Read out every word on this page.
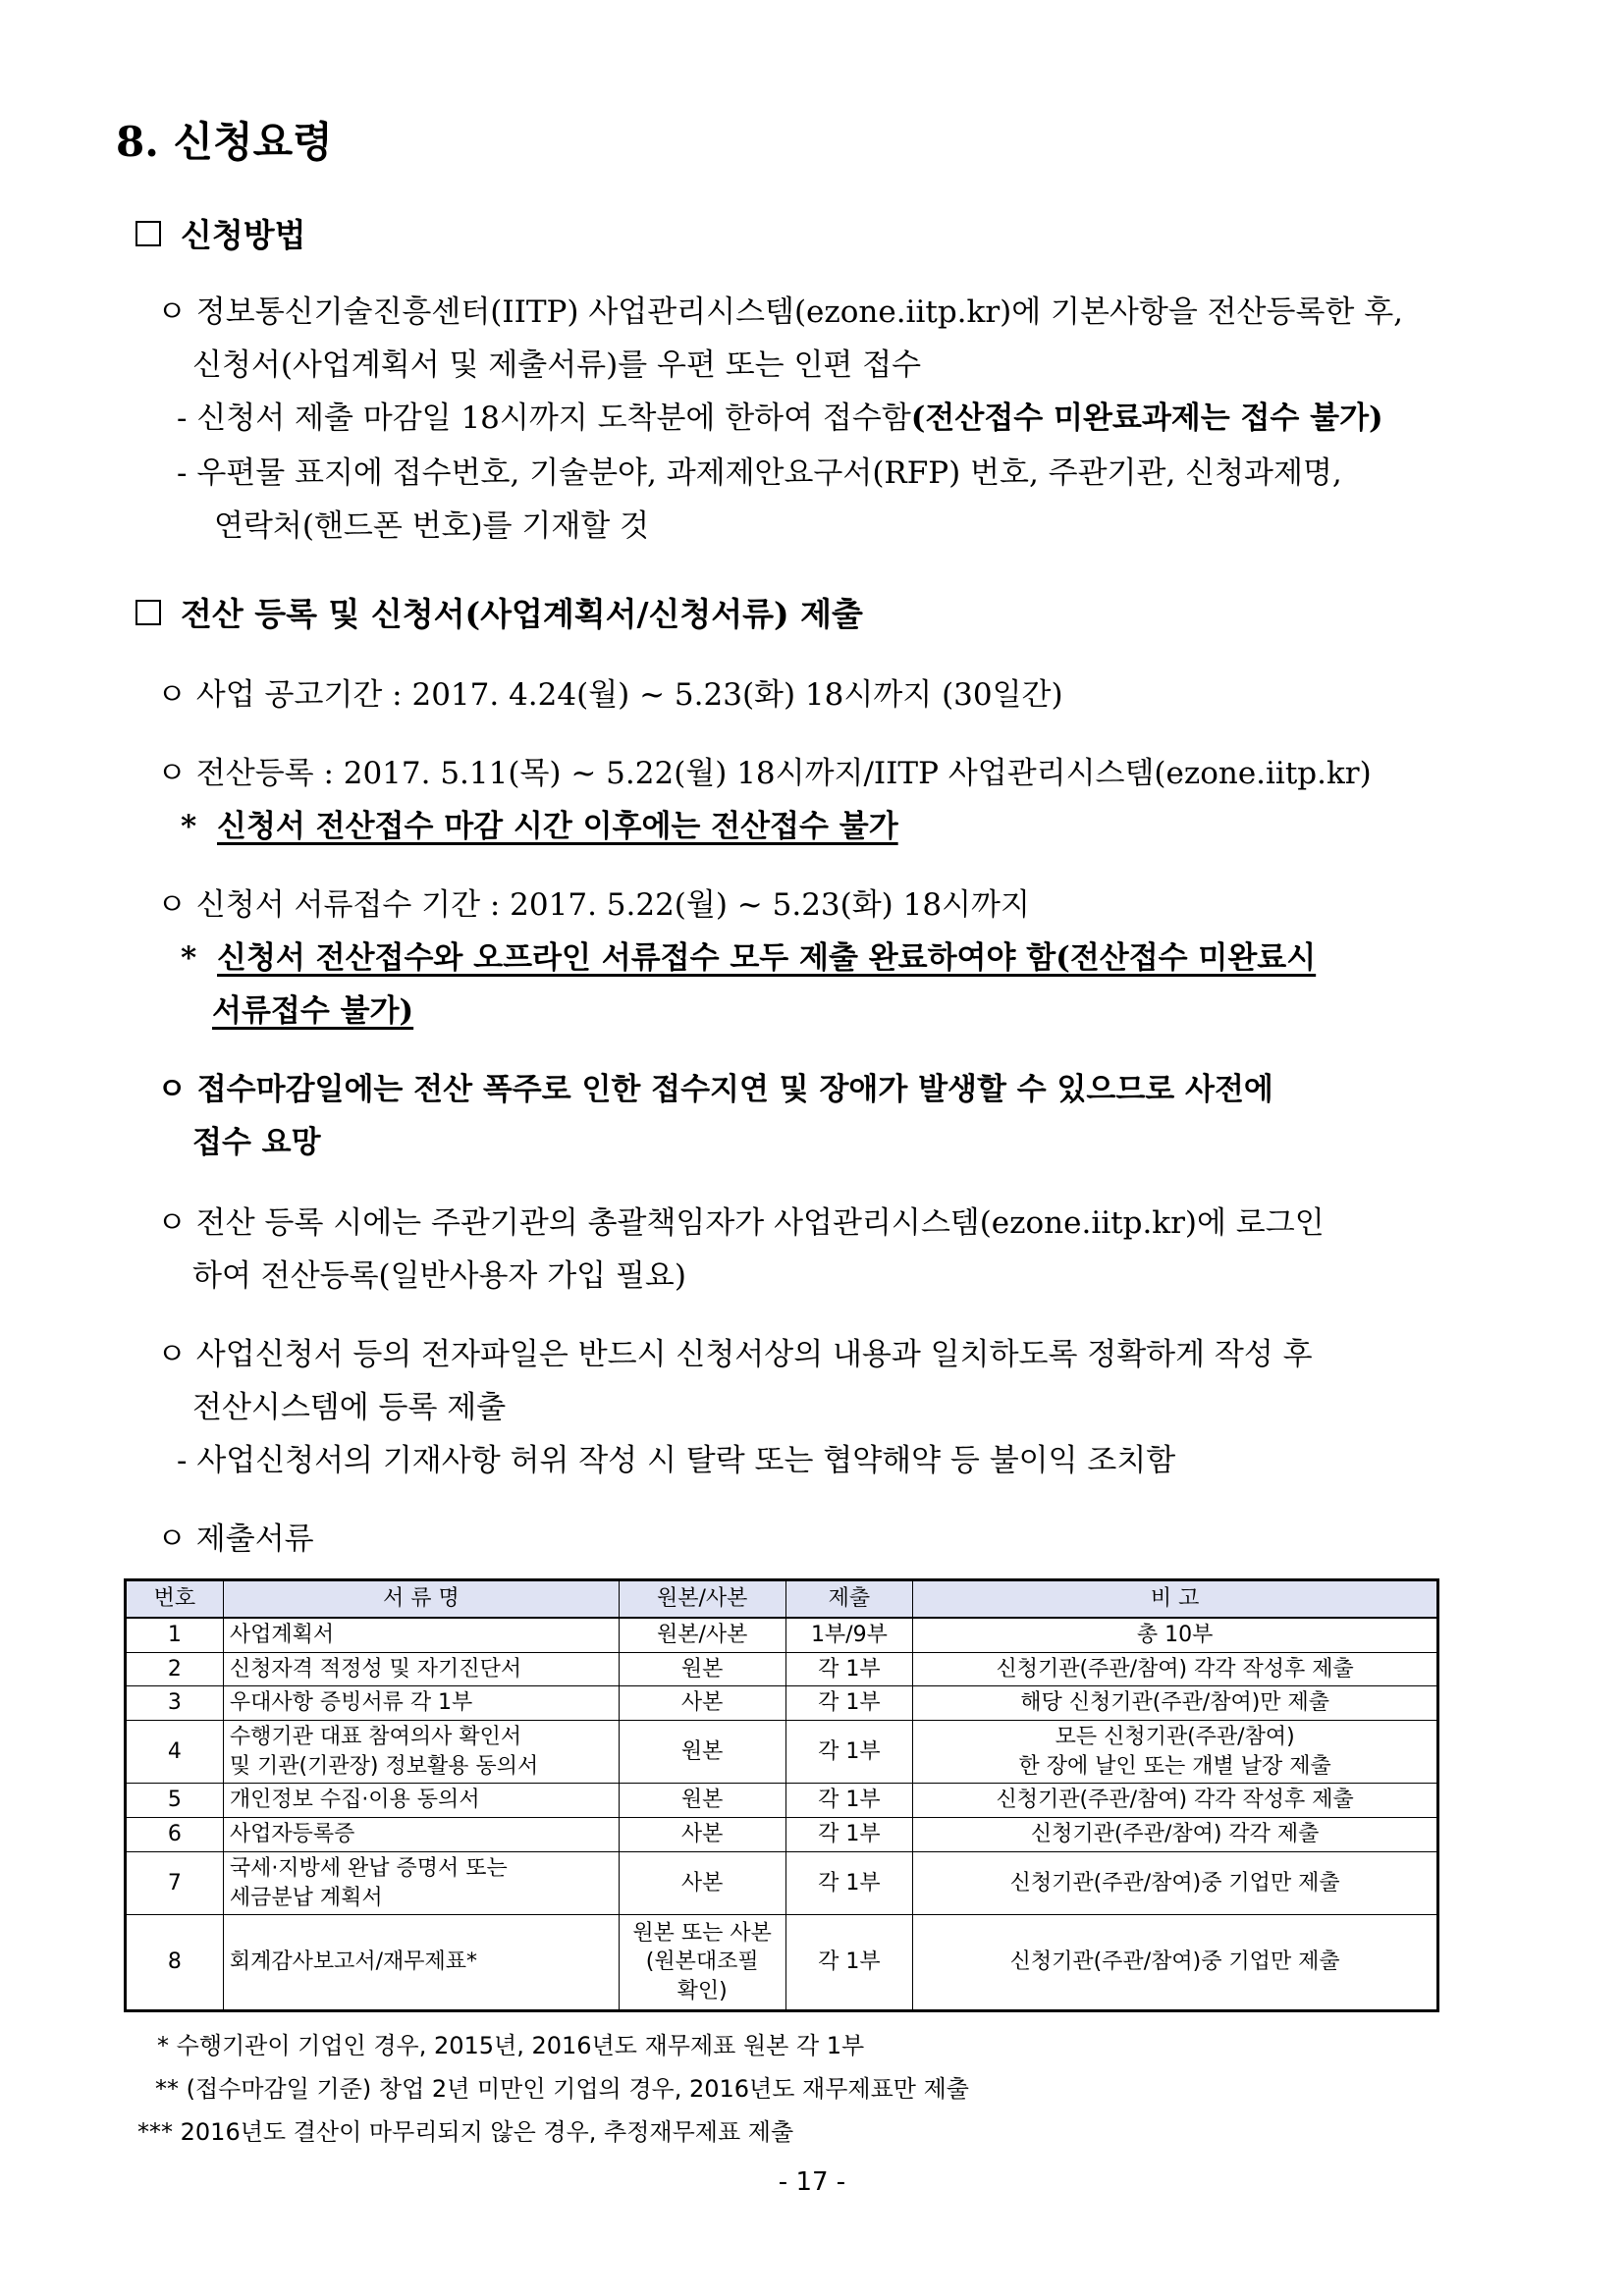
8. 신청요령
신청방법
ㅇ 정보통신기술진흥센터(IITP) 사업관리시스템(ezone.iitp.kr)에 기본사항을 전산등록한 후,
신청서(사업계획서 및 제출서류)를 우편 또는 인편 접수
- 신청서 제출 마감일 18시까지 도착분에 한하여 접수함(전산접수 미완료과제는 접수 불가)
- 우편물 표지에 접수번호, 기술분야, 과제제안요구서(RFP) 번호, 주관기관, 신청과제명,
연락처(핸드폰 번호)를 기재할 것
전산 등록 및 신청서(사업계획서/신청서류) 제출
ㅇ 사업 공고기간 : 2017. 4.24(월) ~ 5.23(화) 18시까지 (30일간)
ㅇ 전산등록 : 2017. 5.11(목) ~ 5.22(월) 18시까지/IITP 사업관리시스템(ezone.iitp.kr)
* 신청서 전산접수 마감 시간 이후에는 전산접수 불가
ㅇ 신청서 서류접수 기간 : 2017. 5.22(월) ~ 5.23(화) 18시까지
* 신청서 전산접수와 오프라인 서류접수 모두 제출 완료하여야 함(전산접수 미완료시
서류접수 불가)
ㅇ 접수마감일에는 전산 폭주로 인한 접수지연 및 장애가 발생할 수 있으므로 사전에
접수 요망
ㅇ 전산 등록 시에는 주관기관의 총괄책임자가 사업관리시스템(ezone.iitp.kr)에 로그인
하여 전산등록(일반사용자 가입 필요)
ㅇ 사업신청서 등의 전자파일은 반드시 신청서상의 내용과 일치하도록 정확하게 작성 후
전산시스템에 등록 제출
- 사업신청서의 기재사항 허위 작성 시 탈락 또는 협약해약 등 불이익 조치함
ㅇ 제출서류
번호	서 류 명	원본/사본	제출	비 고
1	사업계획서	원본/사본	1부/9부	총 10부
2	신청자격 적정성 및 자기진단서	원본	각 1부	신청기관(주관/참여) 각각 작성후 제출
3	우대사항 증빙서류 각 1부	사본	각 1부	해당 신청기관(주관/참여)만 제출
4	수행기관 대표 참여의사 확인서
및 기관(기관장) 정보활용 동의서	원본	각 1부	모든 신청기관(주관/참여)
한 장에 날인 또는 개별 날장 제출
5	개인정보 수집·이용 동의서	원본	각 1부	신청기관(주관/참여) 각각 작성후 제출
6	사업자등록증	사본	각 1부	신청기관(주관/참여) 각각 제출
7	국세·지방세 완납 증명서 또는
세금분납 계획서	사본	각 1부	신청기관(주관/참여)중 기업만 제출
8	회계감사보고서/재무제표*	원본 또는 사본
(원본대조필
확인)	각 1부	신청기관(주관/참여)중 기업만 제출
* 수행기관이 기업인 경우, 2015년, 2016년도 재무제표 원본 각 1부
** (접수마감일 기준) 창업 2년 미만인 기업의 경우, 2016년도 재무제표만 제출
*** 2016년도 결산이 마무리되지 않은 경우, 추정재무제표 제출
- 17 -
